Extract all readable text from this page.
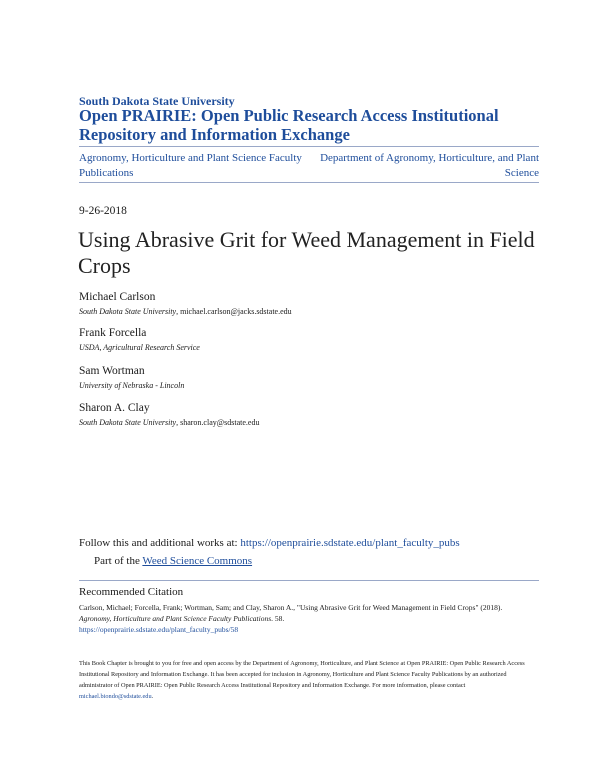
South Dakota State University
Open PRAIRIE: Open Public Research Access Institutional Repository and Information Exchange
Agronomy, Horticulture and Plant Science Faculty Publications
Department of Agronomy, Horticulture, and Plant Science
9-26-2018
Using Abrasive Grit for Weed Management in Field Crops
Michael Carlson
South Dakota State University, michael.carlson@jacks.sdstate.edu
Frank Forcella
USDA, Agricultural Research Service
Sam Wortman
University of Nebraska - Lincoln
Sharon A. Clay
South Dakota State University, sharon.clay@sdstate.edu
Follow this and additional works at: https://openprairie.sdstate.edu/plant_faculty_pubs
Part of the Weed Science Commons
Recommended Citation
Carlson, Michael; Forcella, Frank; Wortman, Sam; and Clay, Sharon A., "Using Abrasive Grit for Weed Management in Field Crops" (2018). Agronomy, Horticulture and Plant Science Faculty Publications. 58.
https://openprairie.sdstate.edu/plant_faculty_pubs/58
This Book Chapter is brought to you for free and open access by the Department of Agronomy, Horticulture, and Plant Science at Open PRAIRIE: Open Public Research Access Institutional Repository and Information Exchange. It has been accepted for inclusion in Agronomy, Horticulture and Plant Science Faculty Publications by an authorized administrator of Open PRAIRIE: Open Public Research Access Institutional Repository and Information Exchange. For more information, please contact michael.biondo@sdstate.edu.
